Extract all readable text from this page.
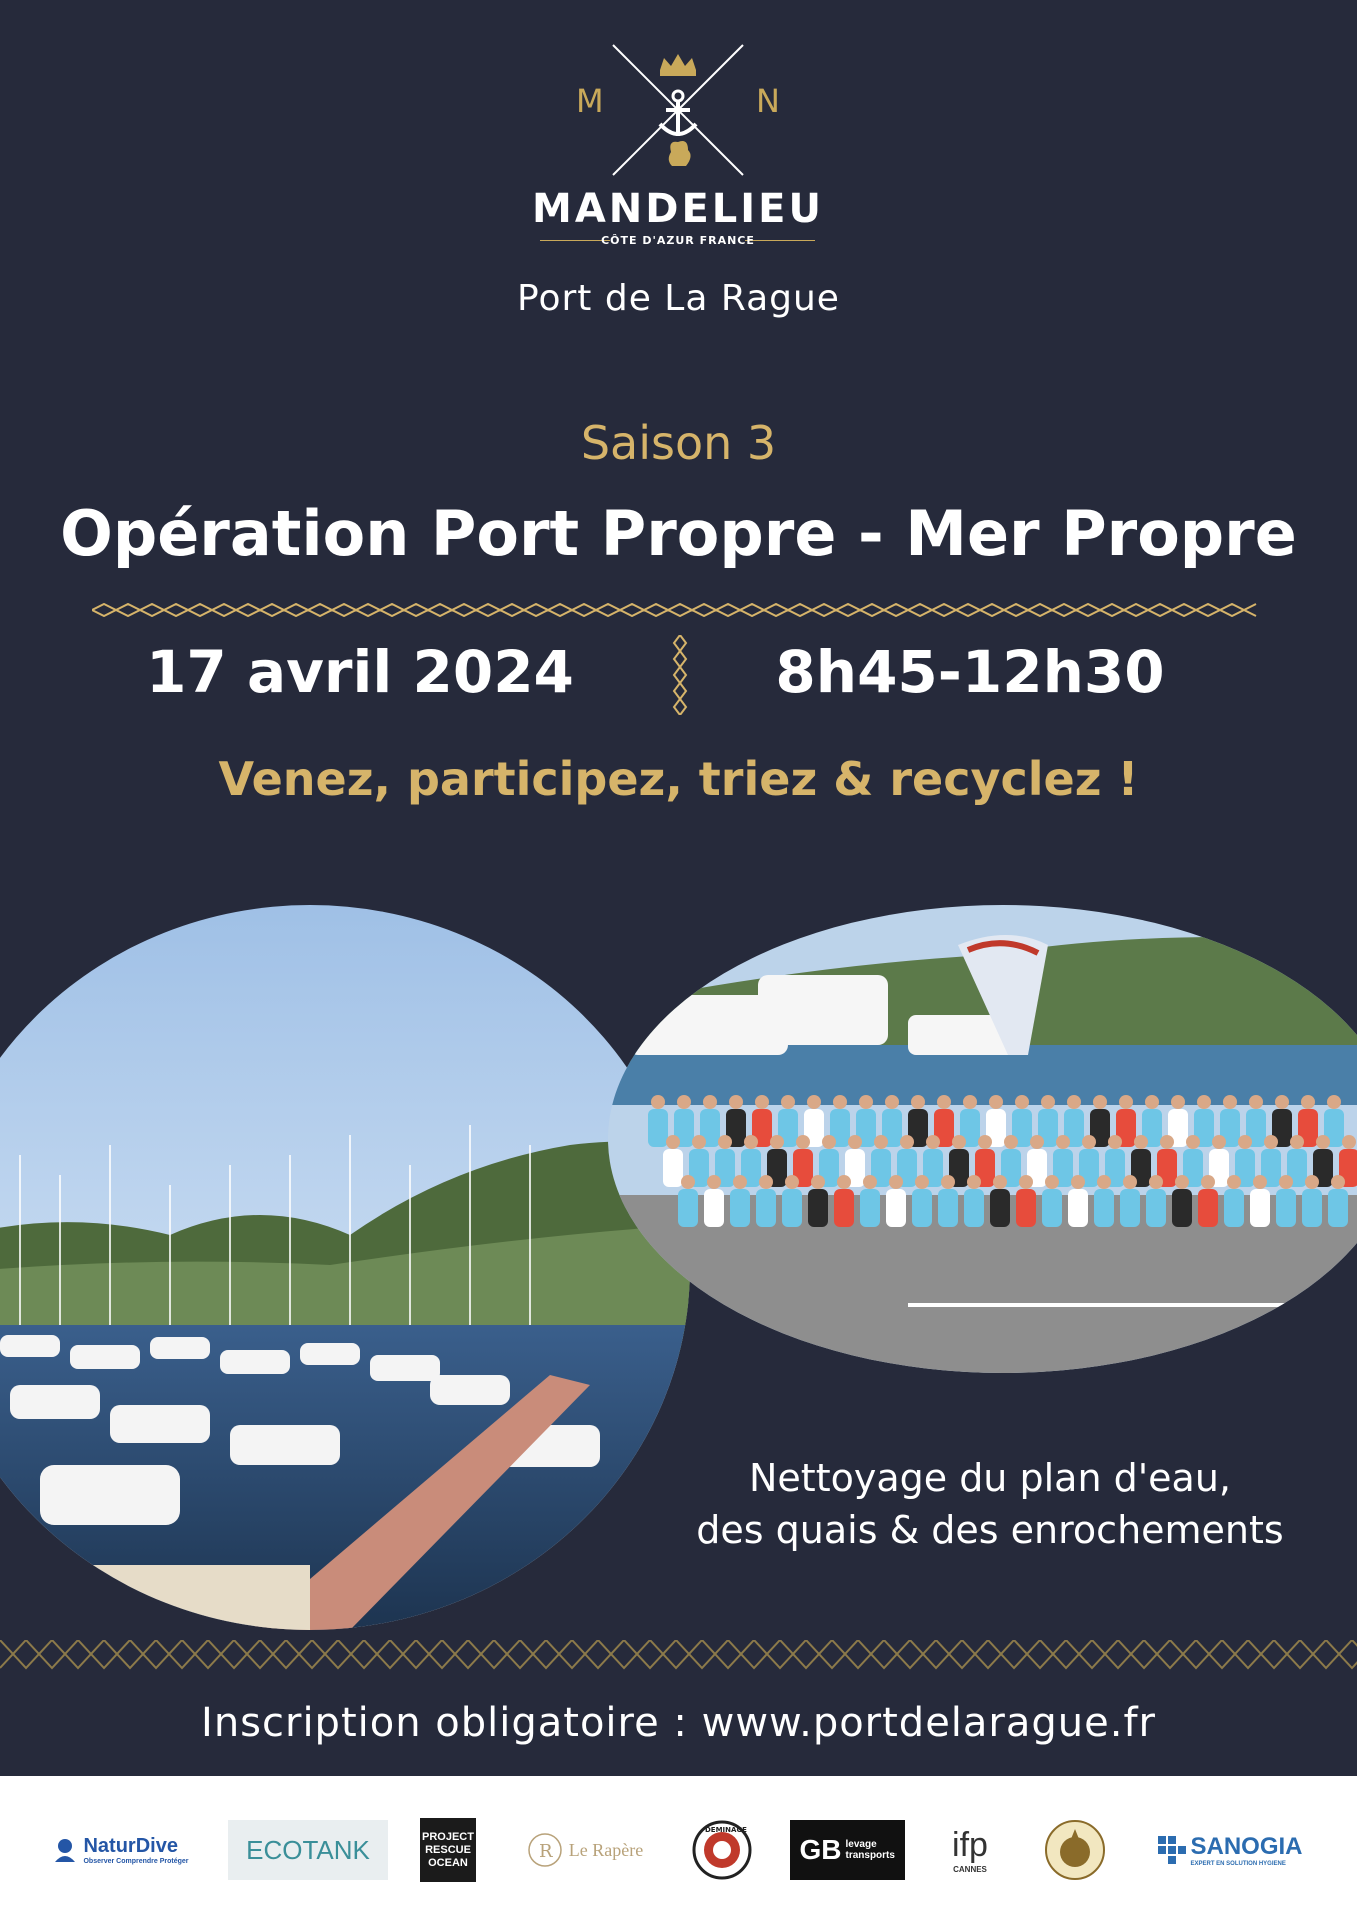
M	N
MANDELIEU
CÔTE D'AZUR FRANCE
Port de La Rague
Saison 3
Opération Port Propre - Mer Propre
17 avril 2024	8h45-12h30
Venez, participez, triez & recyclez !
Nettoyage du plan d'eau,
des quais & des enrochements
Inscription obligatoire : www.portdelarague.fr
NaturDive
Observer Comprendre Protéger ECOTANK	PROJECT RESCUE OCEAN
R Le Rapère
DEMINAGE
GB levage transports ifp
CANNES
SANOGIA
EXPERT EN SOLUTION HYGIENE
